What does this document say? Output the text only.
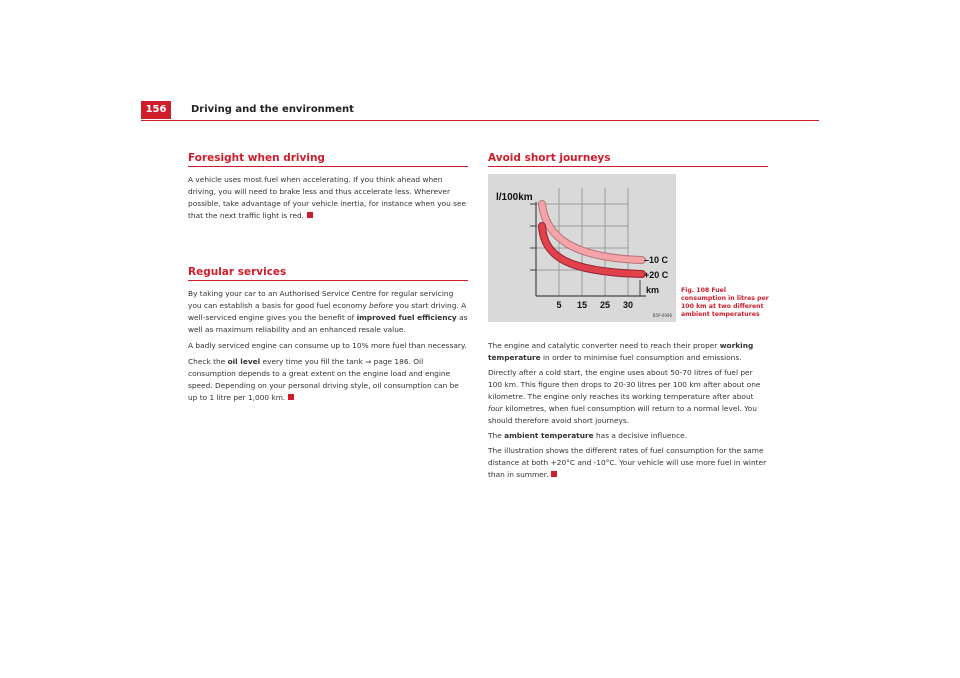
156	Driving and the environment
Foresight when driving

A vehicle uses most fuel when accelerating. If you think ahead when driving, you will need to brake less and thus accelerate less. Wherever possible, take advantage of your vehicle inertia, for instance when you see that the next traffic light is red.

Regular services

By taking your car to an Authorised Service Centre for regular servicing you can establish a basis for good fuel economy before you start driving. A well-serviced engine gives you the benefit of improved fuel efficiency as well as maximum reliability and an enhanced resale value.

A badly serviced engine can consume up to 10% more fuel than necessary.

Check the oil level every time you fill the tank ⇒ page 186. Oil consumption depends to a great extent on the engine load and engine speed. Depending on your personal driving style, oil consumption can be up to 1 litre per 1,000 km.

Avoid short journeys
l/100km
–10 C
+20 C
km
5 15 25 30
B5P-0096
Fig. 108 Fuel consumption in litres per 100 km at two different ambient temperatures

The engine and catalytic converter need to reach their proper working temperature in order to minimise fuel consumption and emissions.

Directly after a cold start, the engine uses about 50-70 litres of fuel per 100 km. This figure then drops to 20-30 litres per 100 km after about one kilometre. The engine only reaches its working temperature after about four kilometres, when fuel consumption will return to a normal level. You should therefore avoid short journeys.

The ambient temperature has a decisive influence.

The illustration shows the different rates of fuel consumption for the same distance at both +20°C and -10°C. Your vehicle will use more fuel in winter than in summer.
